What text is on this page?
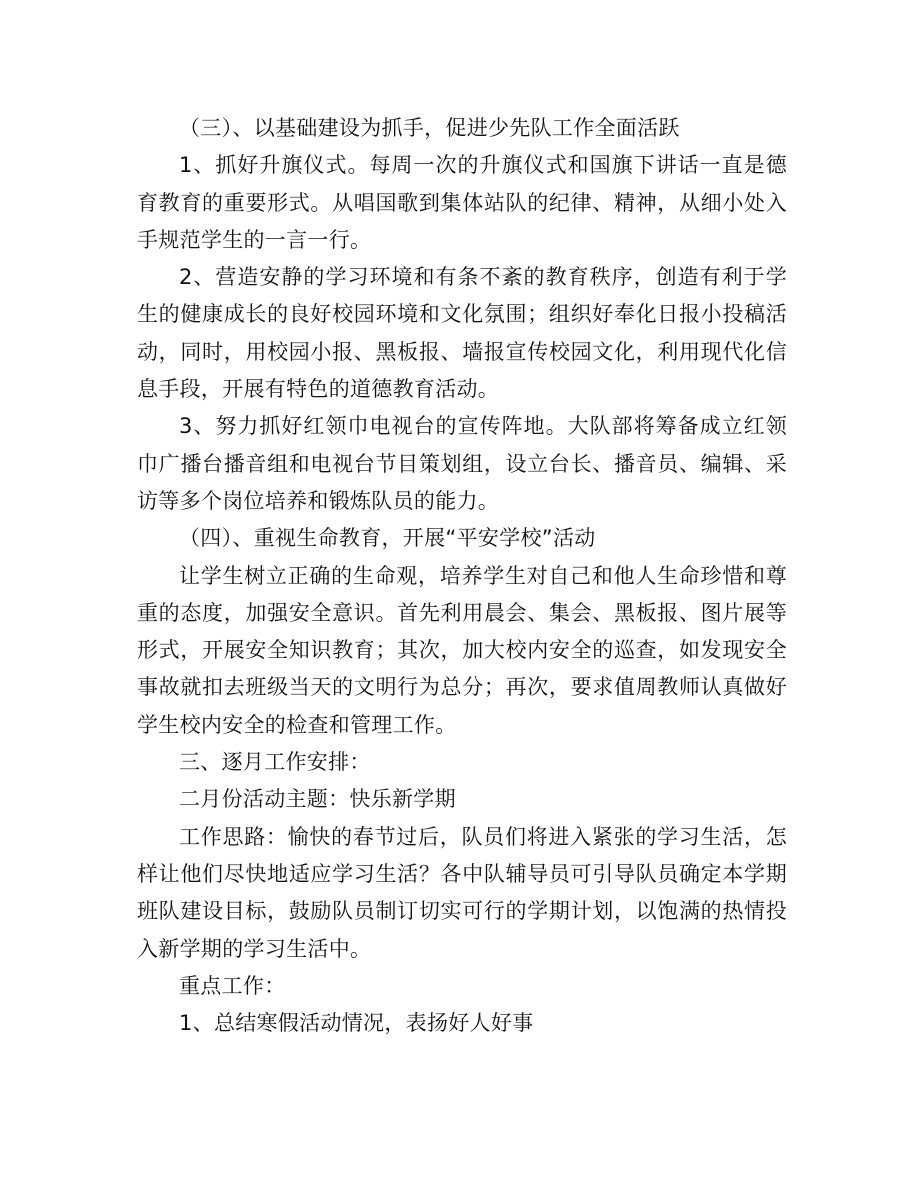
（三）、以基础建设为抓手，促进少先队工作全面活跃

1、抓好升旗仪式。每周一次的升旗仪式和国旗下讲话一直是德育教育的重要形式。从唱国歌到集体站队的纪律、精神，从细小处入手规范学生的一言一行。

2、营造安静的学习环境和有条不紊的教育秩序，创造有利于学生的健康成长的良好校园环境和文化氛围；组织好奉化日报小投稿活动，同时，用校园小报、黑板报、墙报宣传校园文化，利用现代化信息手段，开展有特色的道德教育活动。

3、努力抓好红领巾电视台的宣传阵地。大队部将筹备成立红领巾广播台播音组和电视台节目策划组，设立台长、播音员、编辑、采访等多个岗位培养和锻炼队员的能力。

（四）、重视生命教育，开展“平安学校”活动

让学生树立正确的生命观，培养学生对自己和他人生命珍惜和尊重的态度，加强安全意识。首先利用晨会、集会、黑板报、图片展等形式，开展安全知识教育；其次，加大校内安全的巡查，如发现安全事故就扣去班级当天的文明行为总分；再次，要求值周教师认真做好学生校内安全的检查和管理工作。

三、逐月工作安排：

二月份活动主题：快乐新学期

工作思路：愉快的春节过后，队员们将进入紧张的学习生活，怎样让他们尽快地适应学习生活？各中队辅导员可引导队员确定本学期班队建设目标，鼓励队员制订切实可行的学期计划，以饱满的热情投入新学期的学习生活中。

重点工作：

1、总结寒假活动情况，表扬好人好事
